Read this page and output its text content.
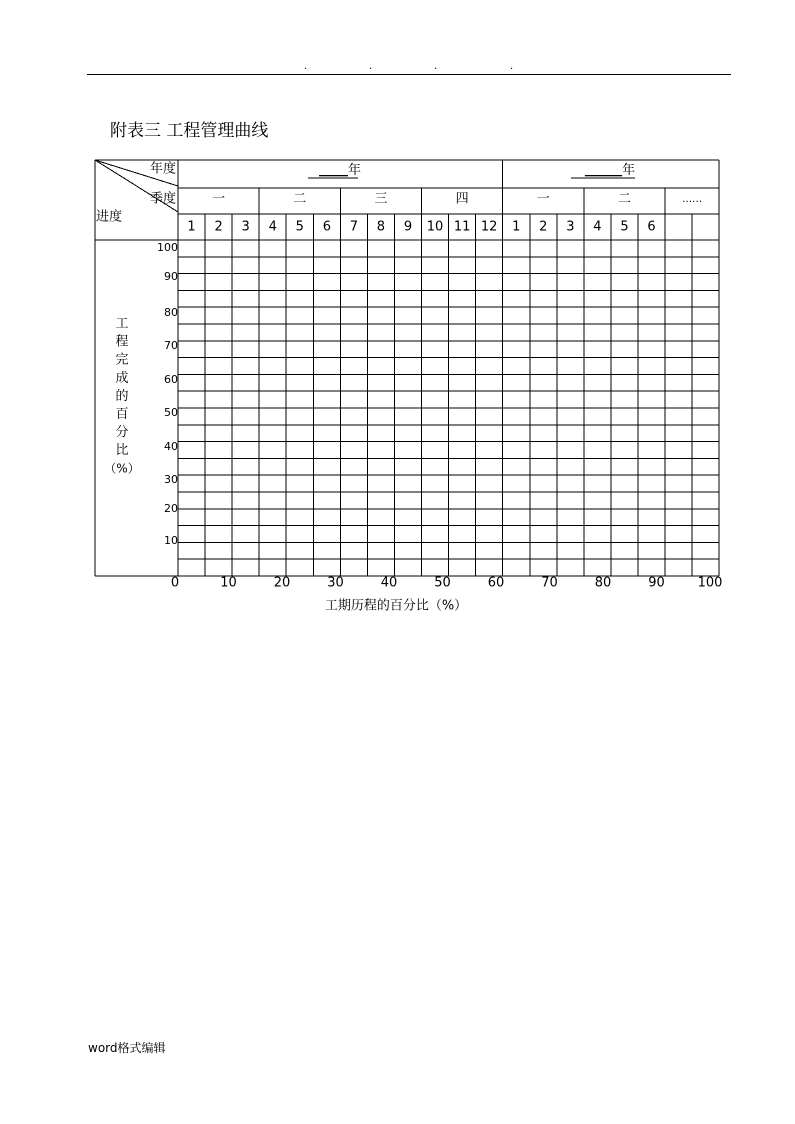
.	.	.	.
附表三 工程管理曲线
年度
季度
进度
年	年
一	二	三	四	一	二	……
1 2 3 4 5 6 7 8 9 10 11 12 1 2 3 4 5 6
工
程
完
成
的
百
分
比
（%）
100
90
80
70
60
50
40
30
20
10
0	10	20	30	40	50	60	70	80	90	100
工期历程的百分比（%）
word格式编辑
